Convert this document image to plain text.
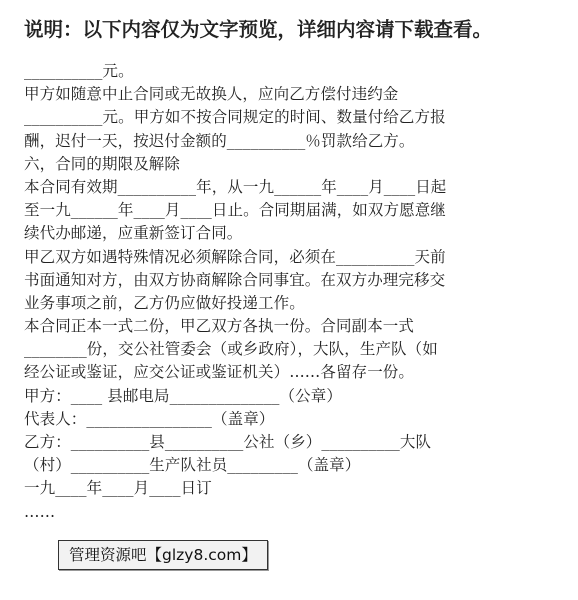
说明：以下内容仅为文字预览，详细内容请下载查看。
__________元。
甲方如随意中止合同或无故换人，应向乙方偿付违约金
__________元。甲方如不按合同规定的时间、数量付给乙方报
酬，迟付一天，按迟付金额的__________％罚款给乙方。
六，合同的期限及解除
本合同有效期__________年，从一九______年____月____日起
至一九______年____月____日止。合同期届满，如双方愿意继
续代办邮递，应重新签订合同。
甲乙双方如遇特殊情况必须解除合同，必须在__________天前
书面通知对方，由双方协商解除合同事宜。在双方办理完移交
业务事项之前，乙方仍应做好投递工作。
本合同正本一式二份，甲乙双方各执一份。合同副本一式
________份，交公社管委会（或乡政府），大队，生产队（如
经公证或鉴证，应交公证或鉴证机关）……各留存一份。
甲方：____ 县邮电局______________（公章）
代表人：________________（盖章）
乙方：__________县__________公社（乡）__________大队
（村）__________生产队社员_________（盖章）
一九____年____月____日订
……
管理资源吧【glzy8.com】
